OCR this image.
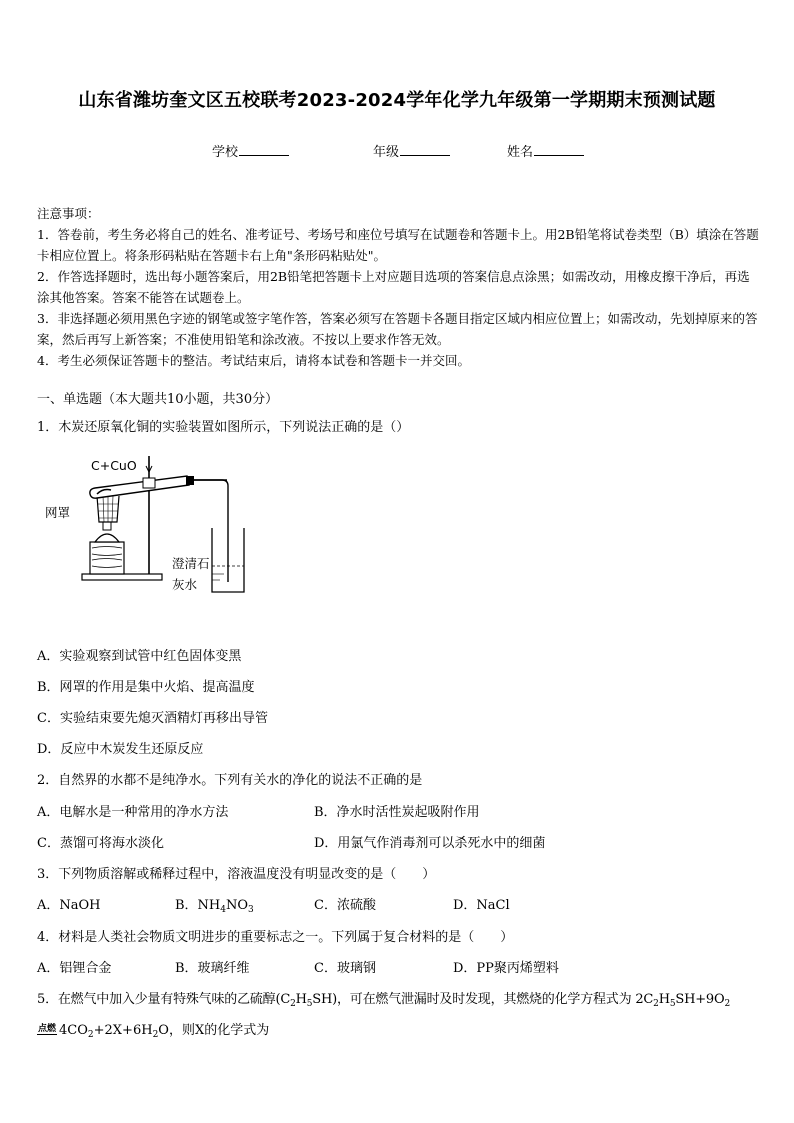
山东省潍坊奎文区五校联考2023-2024学年化学九年级第一学期期末预测试题
学校	年级	姓名
注意事项：
1．答卷前，考生务必将自己的姓名、准考证号、考场号和座位号填写在试题卷和答题卡上。用2B铅笔将试卷类型（B）填涂在答题卡相应位置上。将条形码粘贴在答题卡右上角"条形码粘贴处"。
2．作答选择题时，选出每小题答案后，用2B铅笔把答题卡上对应题目选项的答案信息点涂黑；如需改动，用橡皮擦干净后，再选涂其他答案。答案不能答在试题卷上。
3．非选择题必须用黑色字迹的钢笔或签字笔作答，答案必须写在答题卡各题目指定区域内相应位置上；如需改动，先划掉原来的答案，然后再写上新答案；不准使用铅笔和涂改液。不按以上要求作答无效。
4．考生必须保证答题卡的整洁。考试结束后，请将本试卷和答题卡一并交回。
一、单选题（本大题共10小题，共30分）
1．木炭还原氧化铜的实验装置如图所示，下列说法正确的是（）
C+CuO
网罩
澄清石
灰水
A．实验观察到试管中红色固体变黑
B．网罩的作用是集中火焰、提高温度
C．实验结束要先熄灭酒精灯再移出导管
D．反应中木炭发生还原反应
2．自然界的水都不是纯净水。下列有关水的净化的说法不正确的是
A．电解水是一种常用的净水方法	B．净水时活性炭起吸附作用
C．蒸馏可将海水淡化	D．用氯气作消毒剂可以杀死水中的细菌
3．下列物质溶解或稀释过程中，溶液温度没有明显改变的是（　　）
A．NaOH	B．$NH_4NO_3$	C．浓硫酸	D．NaCl
4．材料是人类社会物质文明进步的重要标志之一。下列属于复合材料的是（　　）
A．铝锂合金	B．玻璃纤维	C．玻璃钢	D．PP聚丙烯塑料
5．在燃气中加入少量有特殊气味的乙硫醇$(C_2H_5SH)$，可在燃气泄漏时及时发现，其燃烧的化学方程式为 $2C_2H_5SH+9O_2$
点燃 $4CO_2+2X+6H_2O$，则X的化学式为
